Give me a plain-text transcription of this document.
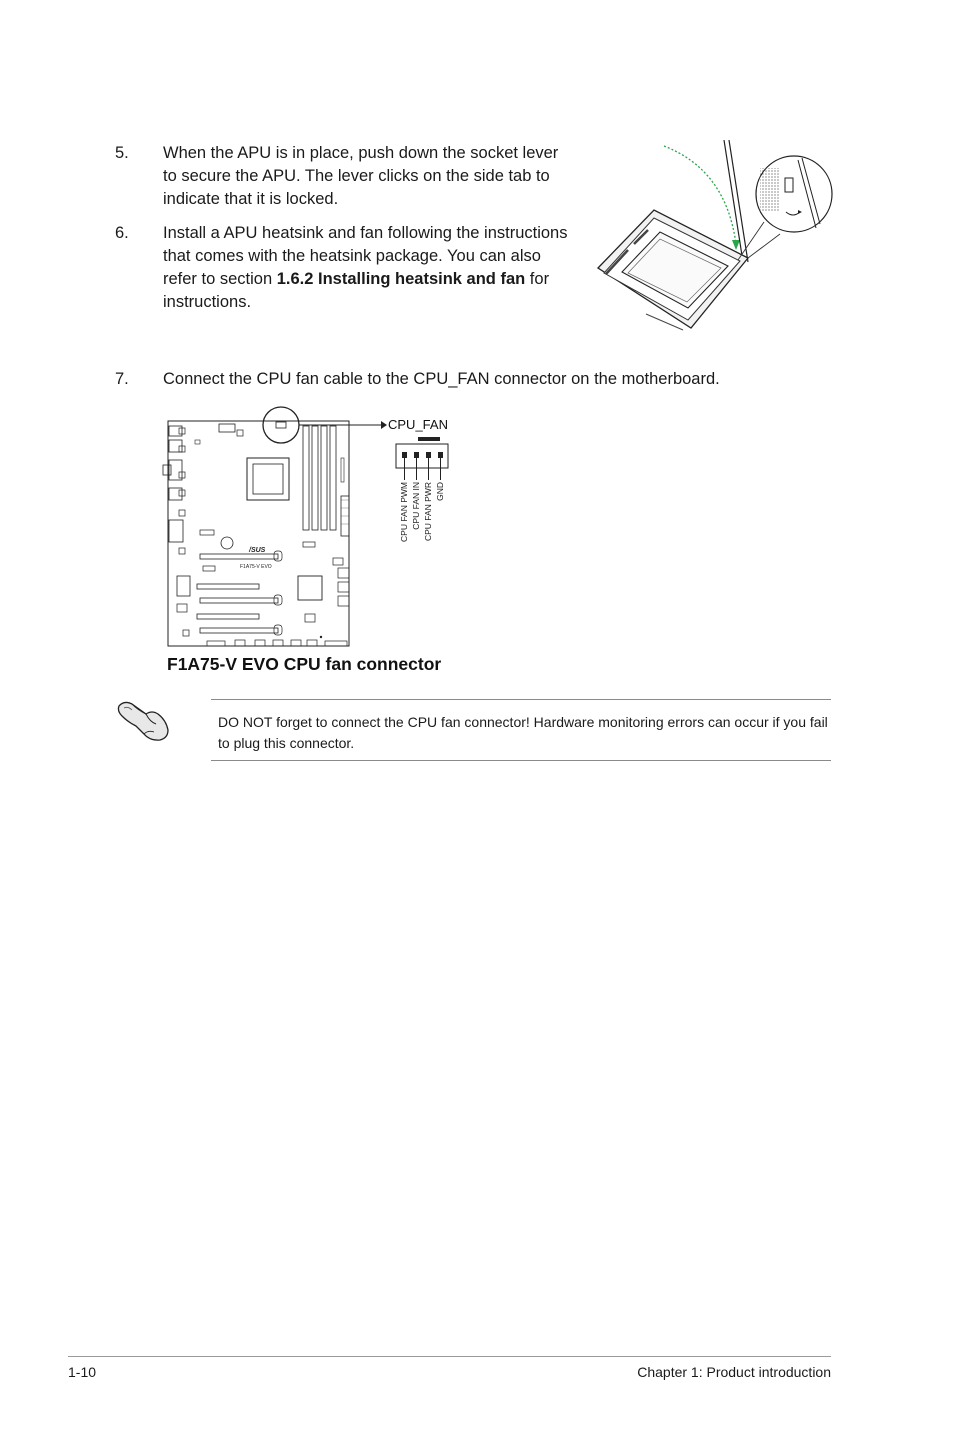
5.	When the APU is in place, push down the socket lever to secure the APU. The lever clicks on the side tab to indicate that it is locked.
6.	Install a APU heatsink and fan following the instructions that comes with the heatsink package. You can also refer to section 1.6.2 Installing heatsink and fan for instructions.
7.	Connect the CPU fan cable to the CPU_FAN connector on the motherboard.
/SUS
F1A75-V EVO
CPU_FAN
CPU FAN PWM CPU FAN IN CPU FAN PWR GND
F1A75-V EVO CPU fan connector
DO NOT forget to connect the CPU fan connector! Hardware monitoring errors can occur if you fail to plug this connector.
1-10	Chapter 1: Product introduction
